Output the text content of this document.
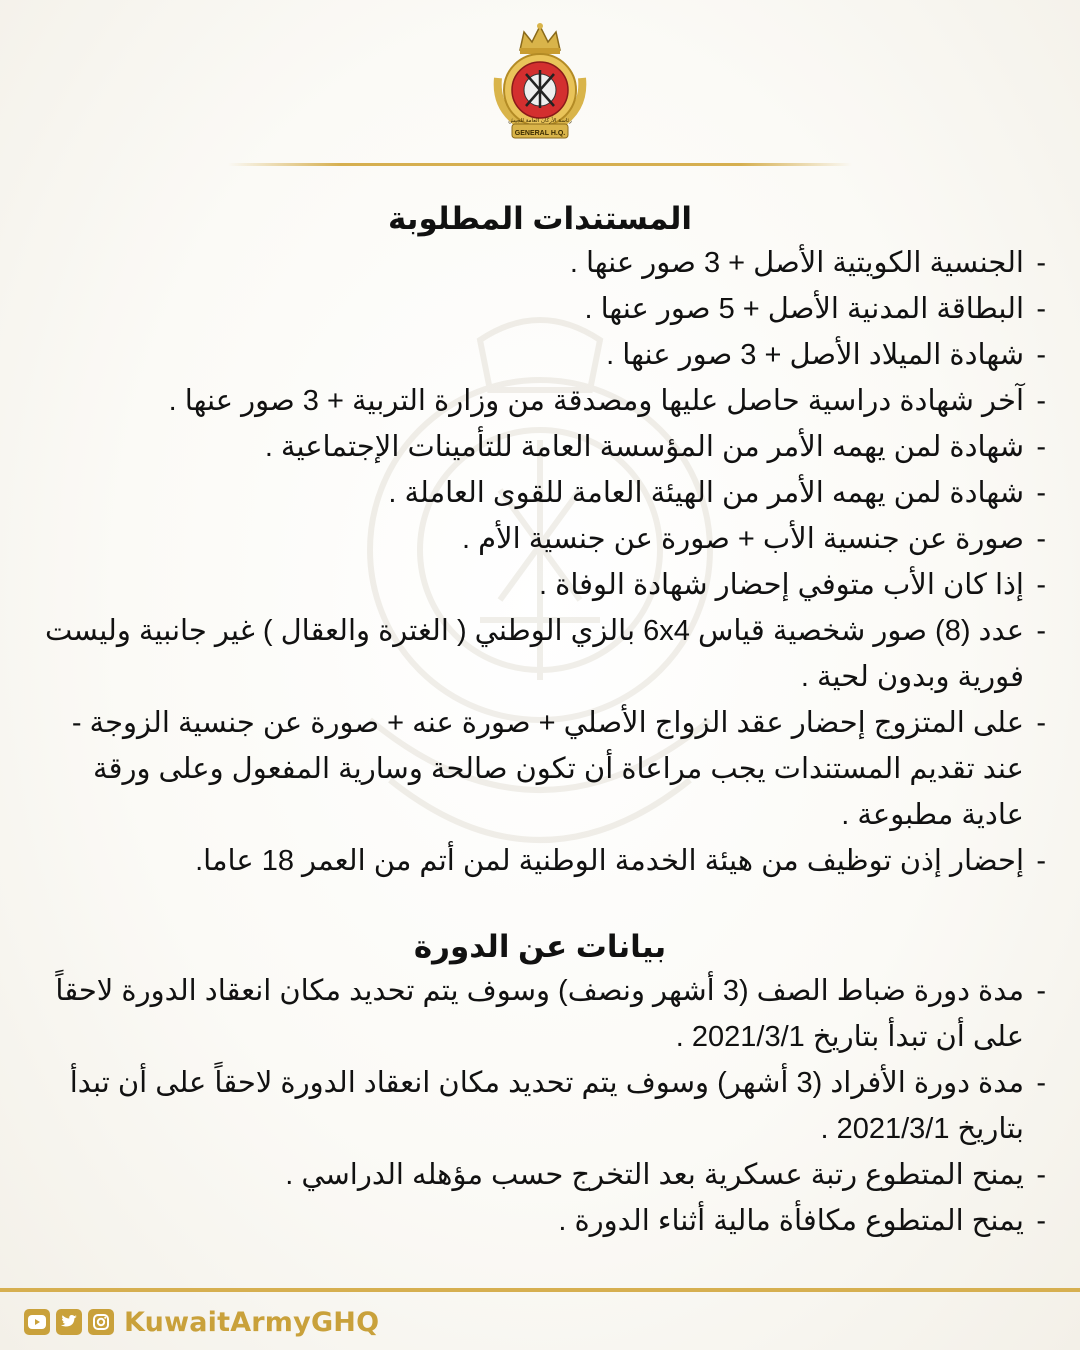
GENERAL H.Q.
رئاسة الأركان العامة للجيش
المستندات المطلوبة
- الجنسية الكويتية الأصل + 3 صور عنها .
- البطاقة المدنية الأصل + 5 صور عنها .
- شهادة الميلاد الأصل + 3 صور عنها .
- آخر شهادة دراسية حاصل عليها ومصدقة من وزارة التربية + 3 صور عنها .
- شهادة لمن يهمه الأمر من المؤسسة العامة للتأمينات الإجتماعية .
- شهادة لمن يهمه الأمر من الهيئة العامة للقوى العاملة .
- صورة عن جنسية الأب + صورة عن جنسية الأم .
- إذا كان الأب متوفي إحضار شهادة الوفاة .
- عدد (8) صور شخصية قياس 6x4 بالزي الوطني ( الغترة والعقال ) غير جانبية وليست فورية وبدون لحية .
- على المتزوج إحضار عقد الزواج الأصلي + صورة عنه + صورة عن جنسية الزوجة - عند تقديم المستندات يجب مراعاة أن تكون صالحة وسارية المفعول وعلى ورقة عادية مطبوعة .
- إحضار إذن توظيف من هيئة الخدمة الوطنية لمن أتم من العمر 18 عاما.
بيانات عن الدورة
- مدة دورة ضباط الصف (3 أشهر ونصف) وسوف يتم تحديد مكان انعقاد الدورة لاحقاً على أن تبدأ بتاريخ 2021/3/1 .
- مدة دورة الأفراد (3 أشهر) وسوف يتم تحديد مكان انعقاد الدورة لاحقاً على أن تبدأ بتاريخ 2021/3/1 .
- يمنح المتطوع رتبة عسكرية بعد التخرج حسب مؤهله الدراسي .
- يمنح المتطوع مكافأة مالية أثناء الدورة .
KuwaitArmyGHQ
